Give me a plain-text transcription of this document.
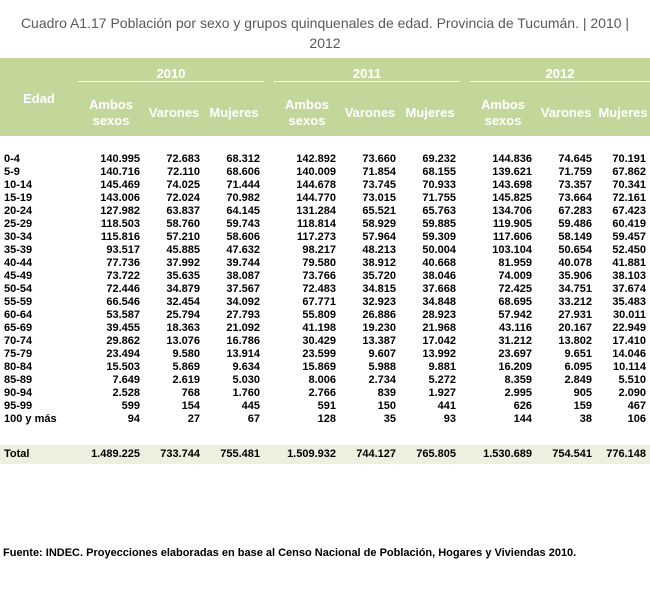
Cuadro A1.17 Población por sexo y grupos quinquenales de edad. Provincia de Tucumán. | 2010 |
2012
Edad	2010				2011				2012		

	Ambos sexos	Varones	Mujeres		Ambos sexos	Varones	Mujeres		Ambos sexos	Varones	Mujeres

0-4	140.995	72.683	68.312		142.892	73.660	69.232		144.836	74.645	70.191
5-9	140.716	72.110	68.606		140.009	71.854	68.155		139.621	71.759	67.862
10-14	145.469	74.025	71.444		144.678	73.745	70.933		143.698	73.357	70.341
15-19	143.006	72.024	70.982		144.770	73.015	71.755		145.825	73.664	72.161
20-24	127.982	63.837	64.145		131.284	65.521	65.763		134.706	67.283	67.423
25-29	118.503	58.760	59.743		118.814	58.929	59.885		119.905	59.486	60.419
30-34	115.816	57.210	58.606		117.273	57.964	59.309		117.606	58.149	59.457
35-39	93.517	45.885	47.632		98.217	48.213	50.004		103.104	50.654	52.450
40-44	77.736	37.992	39.744		79.580	38.912	40.668		81.959	40.078	41.881
45-49	73.722	35.635	38.087		73.766	35.720	38.046		74.009	35.906	38.103
50-54	72.446	34.879	37.567		72.483	34.815	37.668		72.425	34.751	37.674
55-59	66.546	32.454	34.092		67.771	32.923	34.848		68.695	33.212	35.483
60-64	53.587	25.794	27.793		55.809	26.886	28.923		57.942	27.931	30.011
65-69	39.455	18.363	21.092		41.198	19.230	21.968		43.116	20.167	22.949
70-74	29.862	13.076	16.786		30.429	13.387	17.042		31.212	13.802	17.410
75-79	23.494	9.580	13.914		23.599	9.607	13.992		23.697	9.651	14.046
80-84	15.503	5.869	9.634		15.869	5.988	9.881		16.209	6.095	10.114
85-89	7.649	2.619	5.030		8.006	2.734	5.272		8.359	2.849	5.510
90-94	2.528	768	1.760		2.766	839	1.927		2.995	905	2.090
95-99	599	154	445		591	150	441		626	159	467
100 y más	94	27	67		128	35	93		144	38	106

Total	1.489.225	733.744	755.481		1.509.932	744.127	765.805		1.530.689	754.541	776.148
Fuente: INDEC. Proyecciones elaboradas en base al Censo Nacional de Población, Hogares y Viviendas 2010.
